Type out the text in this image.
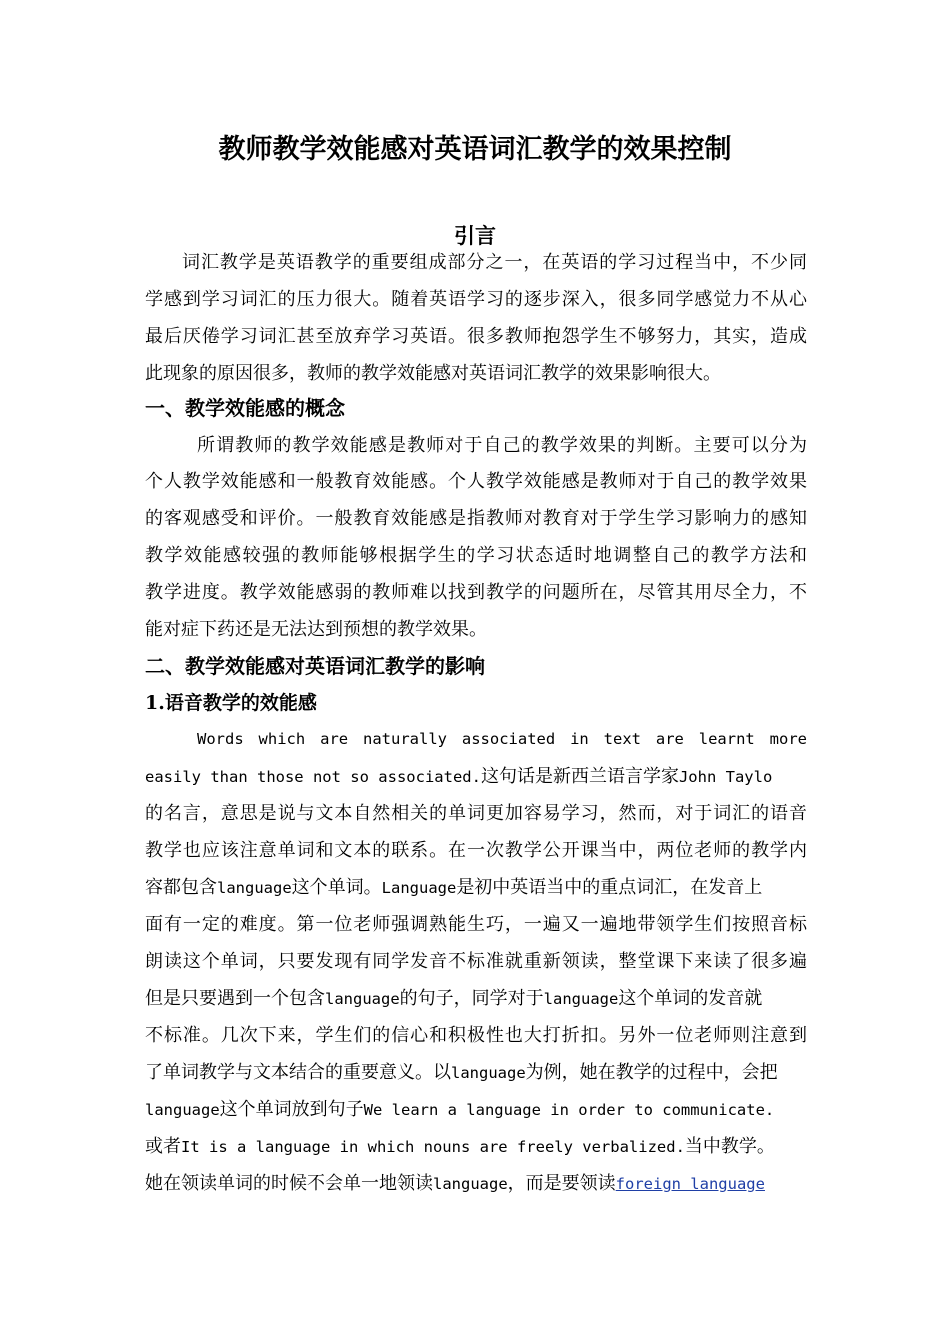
教师教学效能感对英语词汇教学的效果控制
引言
词汇教学是英语教学的重要组成部分之一，在英语的学习过程当中，不少同
学感到学习词汇的压力很大。随着英语学习的逐步深入，很多同学感觉力不从心
最后厌倦学习词汇甚至放弃学习英语。很多教师抱怨学生不够努力，其实，造成
此现象的原因很多，教师的教学效能感对英语词汇教学的效果影响很大。
一、教学效能感的概念
所谓教师的教学效能感是教师对于自己的教学效果的判断。主要可以分为
个人教学效能感和一般教育效能感。个人教学效能感是教师对于自己的教学效果
的客观感受和评价。一般教育效能感是指教师对教育对于学生学习影响力的感知
教学效能感较强的教师能够根据学生的学习状态适时地调整自己的教学方法和
教学进度。教学效能感弱的教师难以找到教学的问题所在，尽管其用尽全力，不
能对症下药还是无法达到预想的教学效果。
二、教学效能感对英语词汇教学的影响
1.语音教学的效能感
Words which are naturally associated in text are learnt more
easily than those not so associated.这句话是新西兰语言学家John Taylo
的名言，意思是说与文本自然相关的单词更加容易学习，然而，对于词汇的语音
教学也应该注意单词和文本的联系。在一次教学公开课当中，两位老师的教学内
容都包含language这个单词。Language是初中英语当中的重点词汇，在发音上
面有一定的难度。第一位老师强调熟能生巧，一遍又一遍地带领学生们按照音标
朗读这个单词，只要发现有同学发音不标准就重新领读，整堂课下来读了很多遍
但是只要遇到一个包含language的句子，同学对于language这个单词的发音就
不标准。几次下来，学生们的信心和积极性也大打折扣。另外一位老师则注意到
了单词教学与文本结合的重要意义。以language为例，她在教学的过程中，会把
language这个单词放到句子We learn a language in order to communicate.
或者It is a language in which nouns are freely verbalized.当中教学。
她在领读单词的时候不会单一地领读language，而是要领读foreign language
